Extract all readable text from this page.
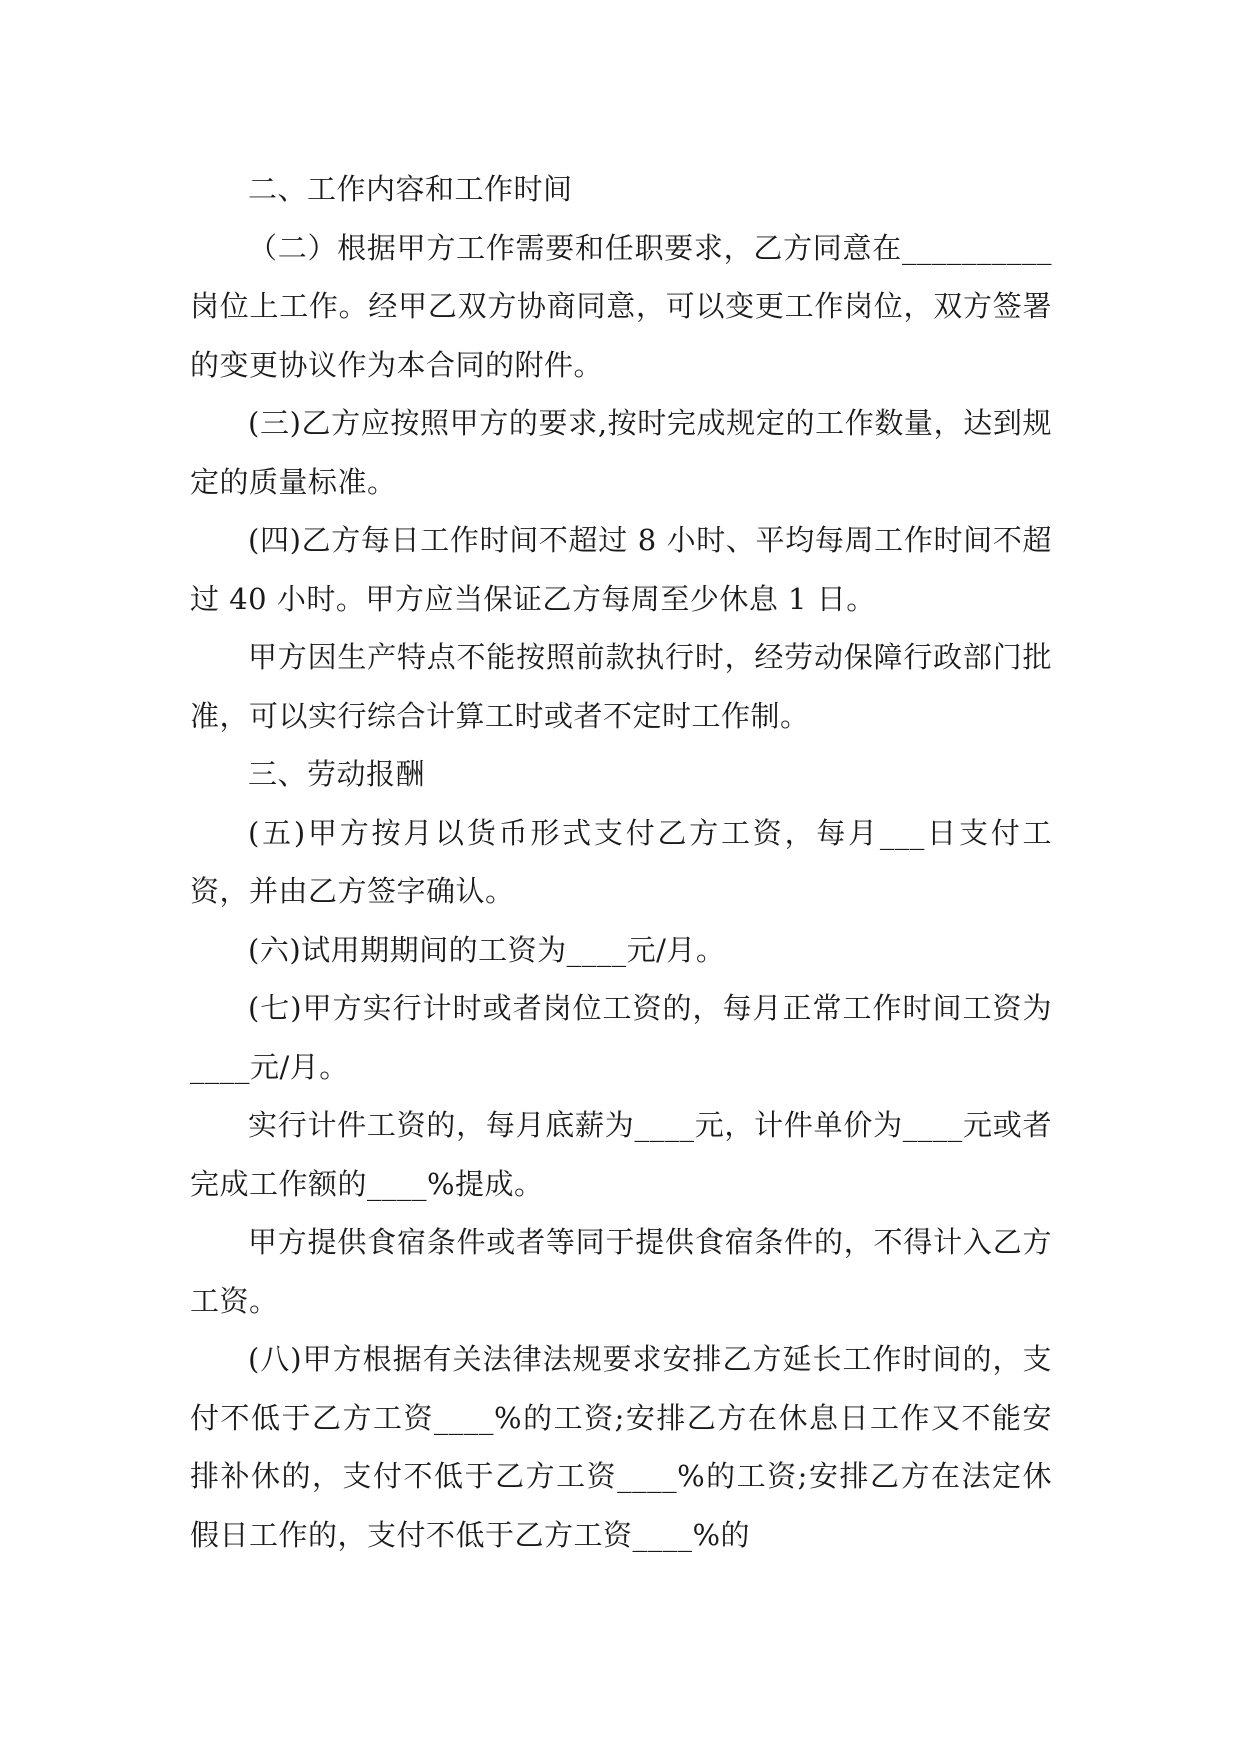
二、工作内容和工作时间

（二）根据甲方工作需要和任职要求，乙方同意在__________岗位上工作。经甲乙双方协商同意，可以变更工作岗位，双方签署的变更协议作为本合同的附件。

(三)乙方应按照甲方的要求,按时完成规定的工作数量，达到规定的质量标准。

(四)乙方每日工作时间不超过 8 小时、平均每周工作时间不超过 40 小时。甲方应当保证乙方每周至少休息 1 日。

甲方因生产特点不能按照前款执行时，经劳动保障行政部门批准，可以实行综合计算工时或者不定时工作制。

三、劳动报酬

(五)甲方按月以货币形式支付乙方工资，每月___日支付工资，并由乙方签字确认。

(六)试用期期间的工资为____元/月。

(七)甲方实行计时或者岗位工资的，每月正常工作时间工资为____元/月。

实行计件工资的，每月底薪为____元，计件单价为____元或者完成工作额的____%提成。

甲方提供食宿条件或者等同于提供食宿条件的，不得计入乙方工资。

(八)甲方根据有关法律法规要求安排乙方延长工作时间的，支付不低于乙方工资____%的工资;安排乙方在休息日工作又不能安排补休的，支付不低于乙方工资____%的工资;安排乙方在法定休假日工作的，支付不低于乙方工资____%的
